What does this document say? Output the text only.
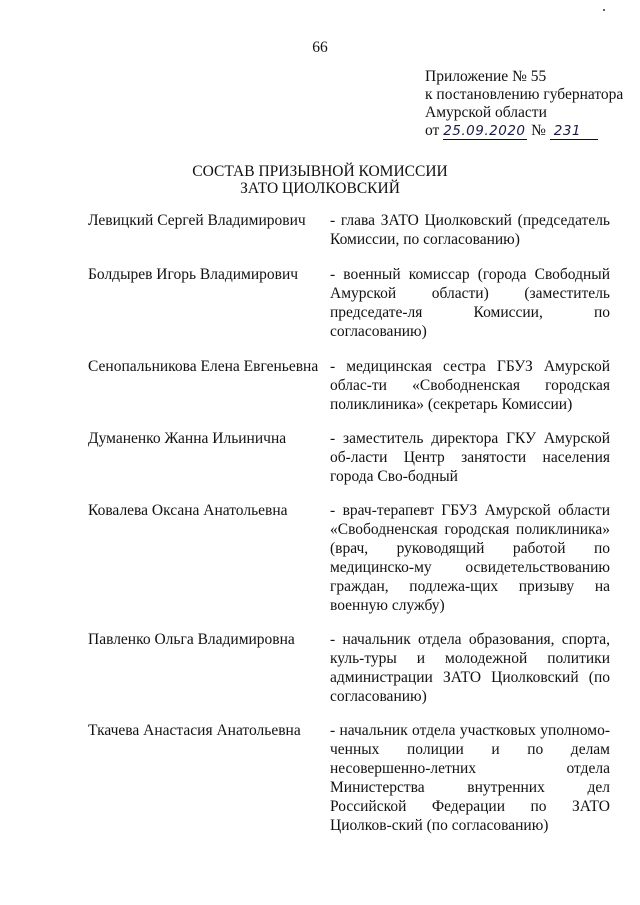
66
Приложение № 55
к постановлению губернатора
Амурской области
от 25.09.2020 № 231
СОСТАВ ПРИЗЫВНОЙ КОМИССИИ
ЗАТО ЦИОЛКОВСКИЙ
Левицкий Сергей Владимирович	- глава ЗАТО Циолковский (председатель Комиссии, по согласованию)
Болдырев Игорь Владимирович	- военный комиссар (города Свободный Амурской области) (заместитель председате-ля Комиссии, по согласованию)
Сенопальникова Елена Евгеньевна - медицинская сестра ГБУЗ Амурской облас-ти «Свободненская городская поликлиника» (секретарь Комиссии)
Думаненко Жанна Ильинична	- заместитель директора ГКУ Амурской об-ласти Центр занятости населения города Сво-бодный
Ковалева Оксана Анатольевна	- врач-терапевт ГБУЗ Амурской области «Свободненская городская поликлиника» (врач, руководящий работой по медицинско-му освидетельствованию граждан, подлежа-щих призыву на военную службу)
Павленко Ольга Владимировна	- начальник отдела образования, спорта, куль-туры и молодежной политики администрации ЗАТО Циолковский (по согласованию)
Ткачева Анастасия Анатольевна	- начальник отдела участковых уполномо-ченных полиции и по делам несовершенно-летних отдела Министерства внутренних дел Российской Федерации по ЗАТО Циолков-ский (по согласованию)
